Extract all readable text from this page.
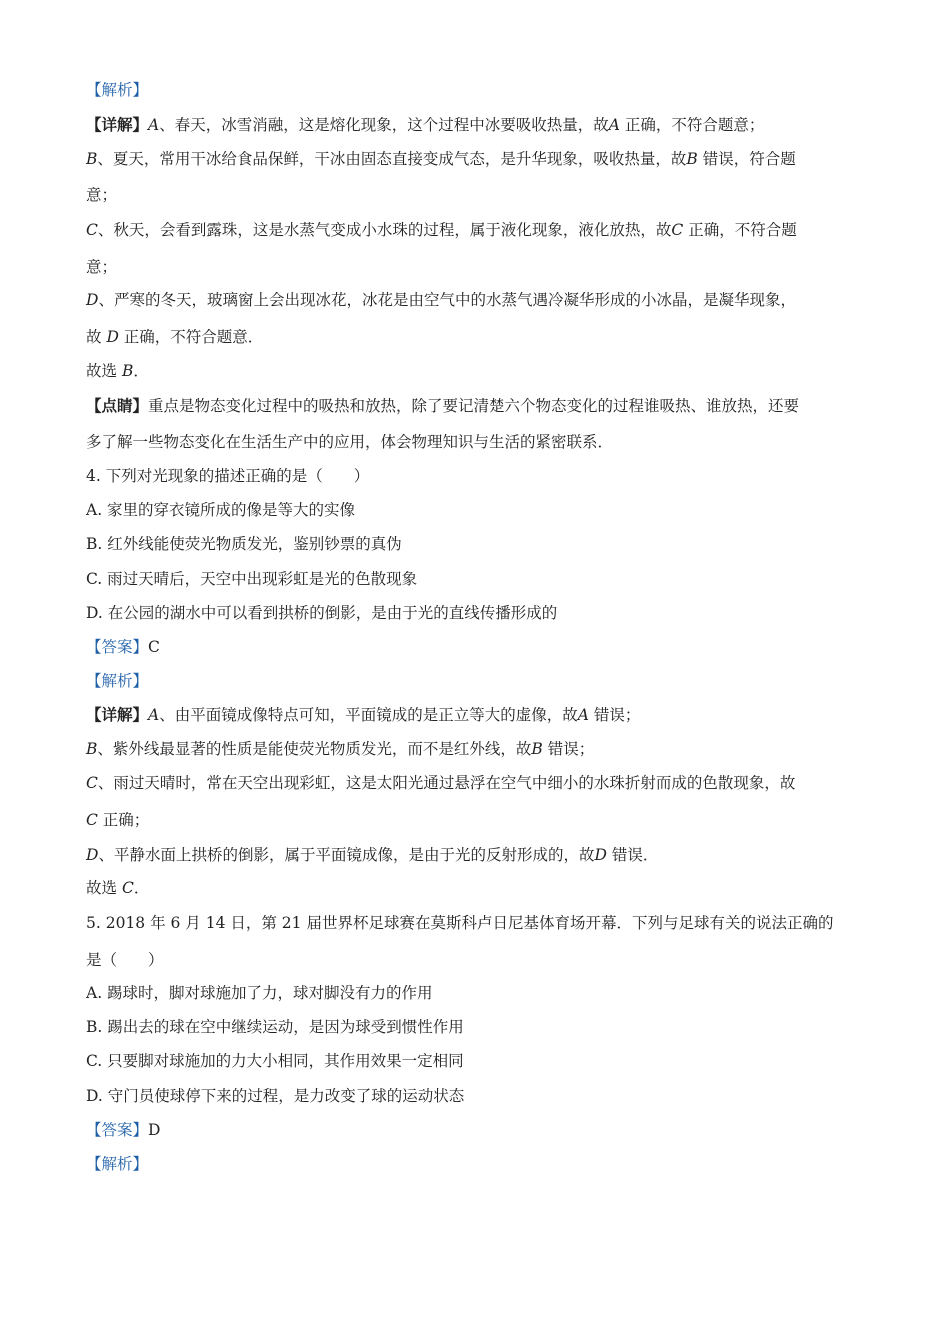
【解析】
【详解】A、春天，冰雪消融，这是熔化现象，这个过程中冰要吸收热量，故A 正确，不符合题意；
B、夏天，常用干冰给食品保鲜，干冰由固态直接变成气态，是升华现象，吸收热量，故B 错误，符合题
意；
C、秋天，会看到露珠，这是水蒸气变成小水珠的过程，属于液化现象，液化放热，故C 正确，不符合题
意；
D、严寒的冬天，玻璃窗上会出现冰花，冰花是由空气中的水蒸气遇冷凝华形成的小冰晶，是凝华现象，
故 D 正确，不符合题意．
故选 B．
【点睛】重点是物态变化过程中的吸热和放热，除了要记清楚六个物态变化的过程谁吸热、谁放热，还要
多了解一些物态变化在生活生产中的应用，体会物理知识与生活的紧密联系．
4. 下列对光现象的描述正确的是（　　）
A. 家里的穿衣镜所成的像是等大的实像
B. 红外线能使荧光物质发光，鉴别钞票的真伪
C. 雨过天晴后，天空中出现彩虹是光的色散现象
D. 在公园的湖水中可以看到拱桥的倒影，是由于光的直线传播形成的
【答案】C
【解析】
【详解】A、由平面镜成像特点可知，平面镜成的是正立等大的虚像，故A 错误；
B、紫外线最显著的性质是能使荧光物质发光，而不是红外线，故B 错误；
C、雨过天晴时，常在天空出现彩虹，这是太阳光通过悬浮在空气中细小的水珠折射而成的色散现象，故
C 正确；
D、平静水面上拱桥的倒影，属于平面镜成像，是由于光的反射形成的，故D 错误．
故选 C．
5. 2018 年 6 月 14 日，第 21 届世界杯足球赛在莫斯科卢日尼基体育场开幕．下列与足球有关的说法正确的
是（　　）
A. 踢球时，脚对球施加了力，球对脚没有力的作用
B. 踢出去的球在空中继续运动，是因为球受到惯性作用
C. 只要脚对球施加的力大小相同，其作用效果一定相同
D. 守门员使球停下来的过程，是力改变了球的运动状态
【答案】D
【解析】
